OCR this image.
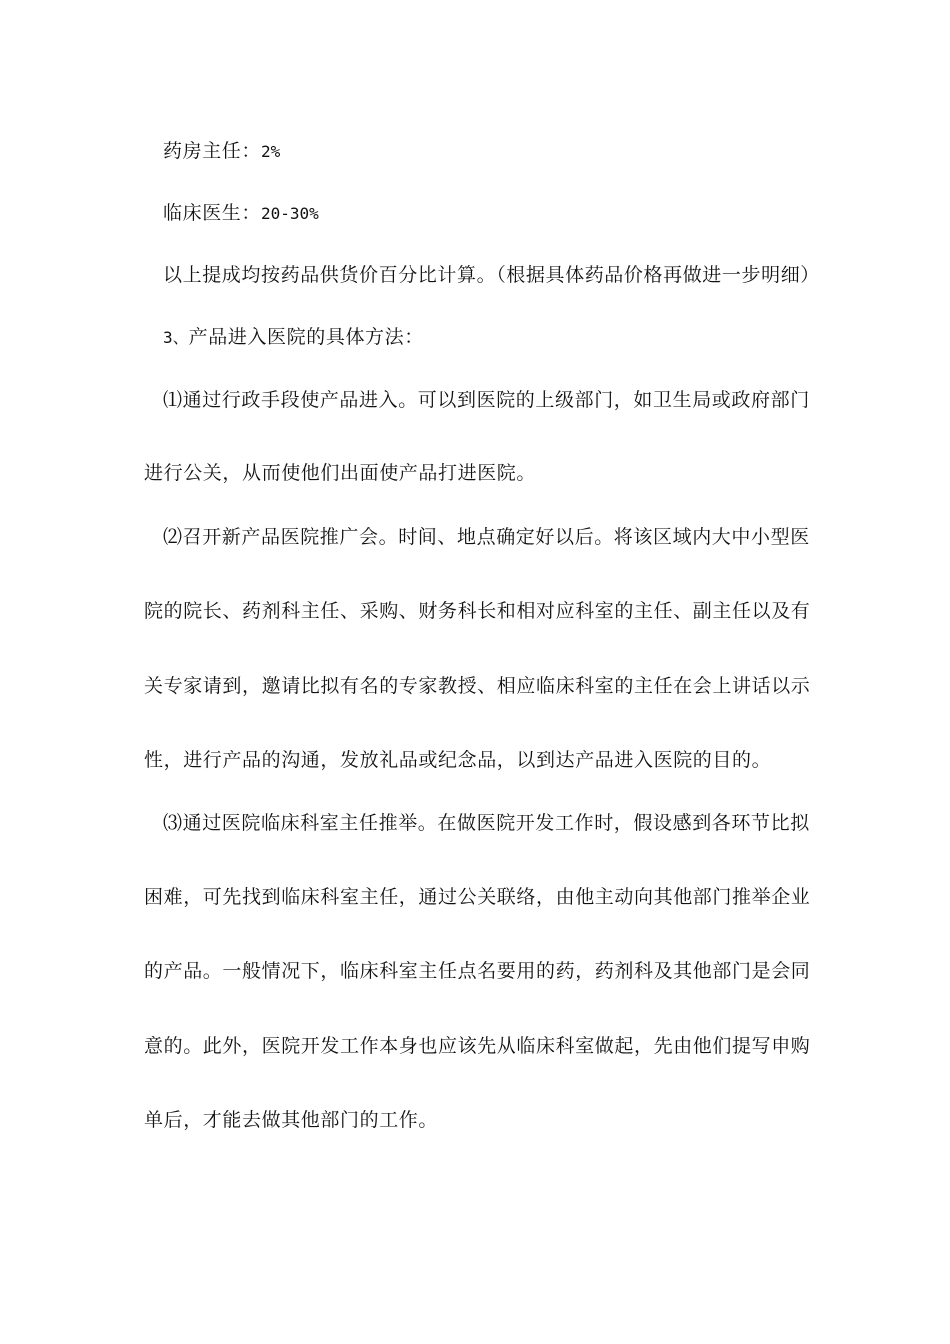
药房主任：2%
临床医生：20-30%
以上提成均按药品供货价百分比计算。（根据具体药品价格再做进一步明细）
3、产品进入医院的具体方法：
⑴通过行政手段使产品进入。可以到医院的上级部门，如卫生局或政府部门
进行公关，从而使他们出面使产品打进医院。
⑵召开新产品医院推广会。时间、地点确定好以后。将该区域内大中小型医
院的院长、药剂科主任、采购、财务科长和相对应科室的主任、副主任以及有
关专家请到，邀请比拟有名的专家教授、相应临床科室的主任在会上讲话以示
性，进行产品的沟通，发放礼品或纪念品，以到达产品进入医院的目的。
⑶通过医院临床科室主任推举。在做医院开发工作时，假设感到各环节比拟
困难，可先找到临床科室主任，通过公关联络，由他主动向其他部门推举企业
的产品。一般情况下，临床科室主任点名要用的药，药剂科及其他部门是会同
意的。此外，医院开发工作本身也应该先从临床科室做起，先由他们提写申购
单后，才能去做其他部门的工作。
